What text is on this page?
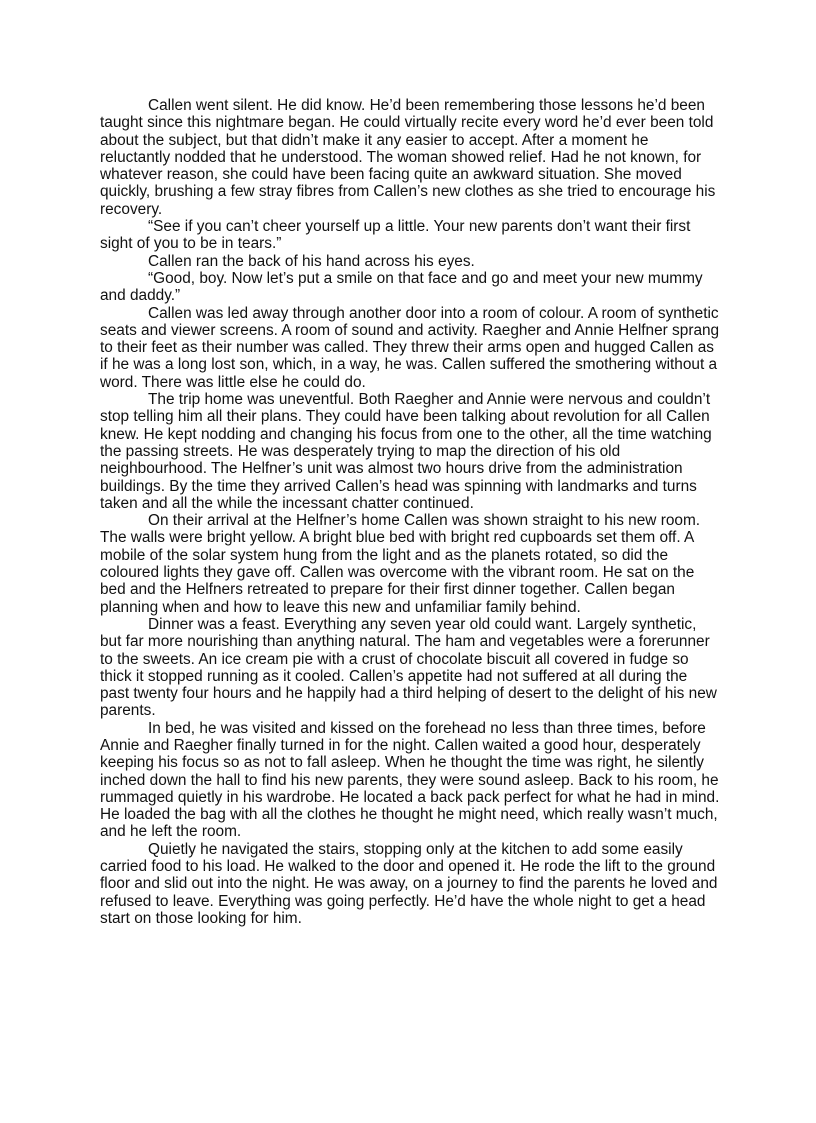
Callen went silent. He did know. He’d been remembering those lessons he’d been taught since this nightmare began. He could virtually recite every word he’d ever been told about the subject, but that didn’t make it any easier to accept. After a moment he reluctantly nodded that he understood. The woman showed relief. Had he not known, for whatever reason, she could have been facing quite an awkward situation. She moved quickly, brushing a few stray fibres from Callen’s new clothes as she tried to encourage his recovery.

“See if you can’t cheer yourself up a little. Your new parents don’t want their first sight of you to be in tears.”

Callen ran the back of his hand across his eyes.

“Good, boy. Now let’s put a smile on that face and go and meet your new mummy and daddy.”

Callen was led away through another door into a room of colour. A room of synthetic seats and viewer screens. A room of sound and activity. Raegher and Annie Helfner sprang to their feet as their number was called. They threw their arms open and hugged Callen as if he was a long lost son, which, in a way, he was. Callen suffered the smothering without a word. There was little else he could do.

The trip home was uneventful. Both Raegher and Annie were nervous and couldn’t stop telling him all their plans. They could have been talking about revolution for all Callen knew. He kept nodding and changing his focus from one to the other, all the time watching the passing streets. He was desperately trying to map the direction of his old neighbourhood. The Helfner’s unit was almost two hours drive from the administration buildings. By the time they arrived Callen’s head was spinning with landmarks and turns taken and all the while the incessant chatter continued.

On their arrival at the Helfner’s home Callen was shown straight to his new room. The walls were bright yellow. A bright blue bed with bright red cupboards set them off. A mobile of the solar system hung from the light and as the planets rotated, so did the coloured lights they gave off. Callen was overcome with the vibrant room. He sat on the bed and the Helfners retreated to prepare for their first dinner together. Callen began planning when and how to leave this new and unfamiliar family behind.

Dinner was a feast. Everything any seven year old could want. Largely synthetic, but far more nourishing than anything natural. The ham and vegetables were a forerunner to the sweets. An ice cream pie with a crust of chocolate biscuit all covered in fudge so thick it stopped running as it cooled. Callen’s appetite had not suffered at all during the past twenty four hours and he happily had a third helping of desert to the delight of his new parents.

In bed, he was visited and kissed on the forehead no less than three times, before Annie and Raegher finally turned in for the night. Callen waited a good hour, desperately keeping his focus so as not to fall asleep. When he thought the time was right, he silently inched down the hall to find his new parents, they were sound asleep. Back to his room, he rummaged quietly in his wardrobe. He located a back pack perfect for what he had in mind. He loaded the bag with all the clothes he thought he might need, which really wasn’t much, and he left the room.

Quietly he navigated the stairs, stopping only at the kitchen to add some easily carried food to his load. He walked to the door and opened it. He rode the lift to the ground floor and slid out into the night. He was away, on a journey to find the parents he loved and refused to leave. Everything was going perfectly. He’d have the whole night to get a head start on those looking for him.
